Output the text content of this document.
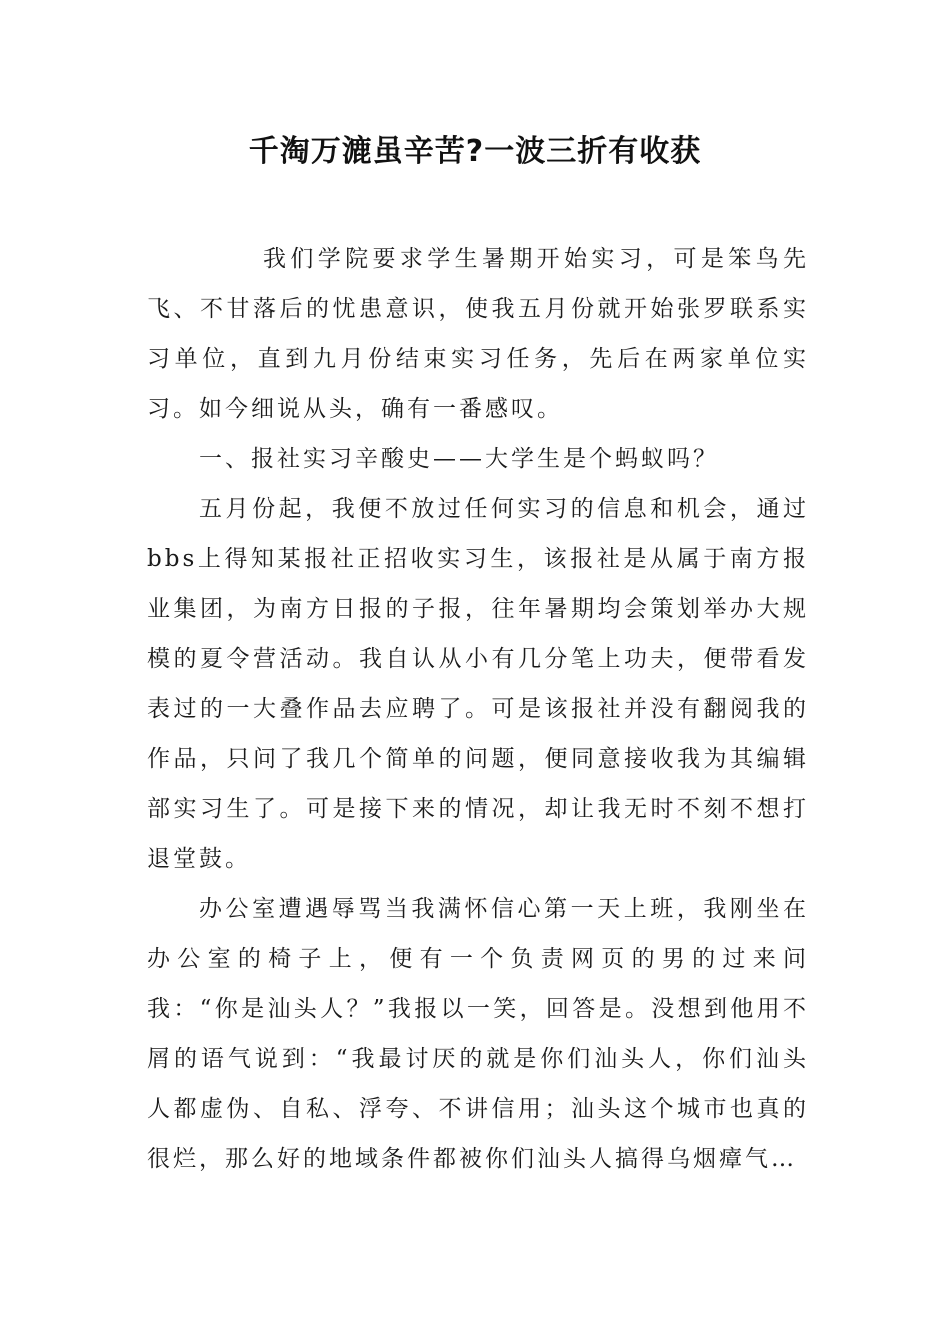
千淘万漉虽辛苦?一波三折有收获

我们学院要求学生暑期开始实习，可是笨鸟先飞、不甘落后的忧患意识，使我五月份就开始张罗联系实习单位，直到九月份结束实习任务，先后在两家单位实习。如今细说从头，确有一番感叹。

一、报社实习辛酸史——大学生是个蚂蚁吗？

五月份起，我便不放过任何实习的信息和机会，通过bbs上得知某报社正招收实习生，该报社是从属于南方报业集团，为南方日报的子报，往年暑期均会策划举办大规模的夏令营活动。我自认从小有几分笔上功夫，便带看发表过的一大叠作品去应聘了。可是该报社并没有翻阅我的作品，只问了我几个简单的问题，便同意接收我为其编辑部实习生了。可是接下来的情况，却让我无时不刻不想打退堂鼓。

办公室遭遇辱骂当我满怀信心第一天上班，我刚坐在办公室的椅子上，便有一个负责网页的男的过来问我：“你是汕头人？”我报以一笑，回答是。没想到他用不屑的语气说到：“我最讨厌的就是你们汕头人，你们汕头人都虚伪、自私、浮夸、不讲信用；汕头这个城市也真的很烂，那么好的地域条件都被你们汕头人搞得乌烟瘴气…
